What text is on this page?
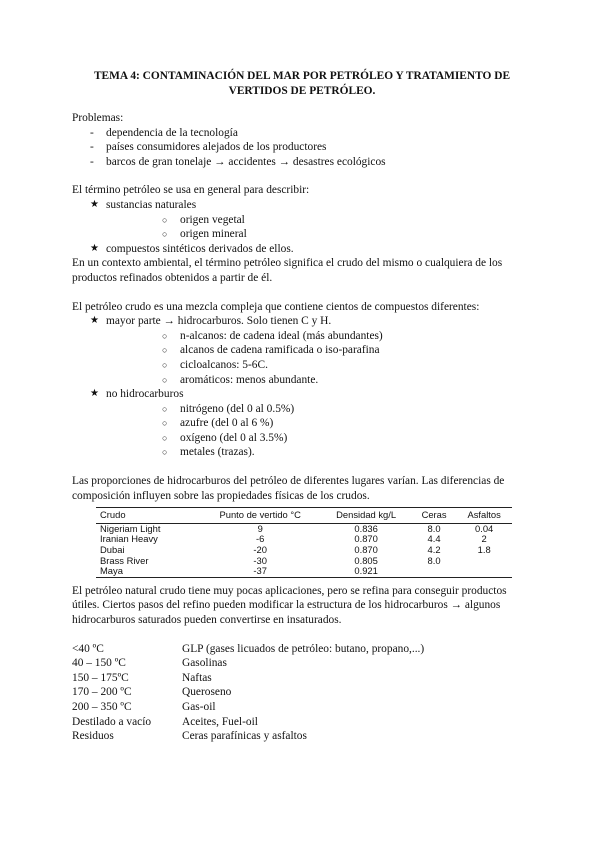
TEMA 4: CONTAMINACIÓN DEL MAR POR PETRÓLEO Y TRATAMIENTO DE VERTIDOS DE PETRÓLEO.

Problemas:

- dependencia de la tecnología
- países consumidores alejados de los productores
- barcos de gran tonelaje → accidentes → desastres ecológicos

El término petróleo se usa en general para describir:

★ sustancias naturales
○ origen vegetal
○ origen mineral
★ compuestos sintéticos derivados de ellos.

En un contexto ambiental, el término petróleo significa el crudo del mismo o cualquiera de los productos refinados obtenidos a partir de él.

El petróleo crudo es una mezcla compleja que contiene cientos de compuestos diferentes:

★ mayor parte → hidrocarburos. Solo tienen C y H.
○ n-alcanos: de cadena ideal (más abundantes)
○ alcanos de cadena ramificada o iso-parafina
○ cicloalcanos: 5-6C.
○ aromáticos: menos abundante.
★ no hidrocarburos
○ nitrógeno (del 0 al 0.5%)
○ azufre (del 0 al 6 %)
○ oxígeno (del 0 al 3.5%)
○ metales (trazas).

Las proporciones de hidrocarburos del petróleo de diferentes lugares varían. Las diferencias de composición influyen sobre las propiedades físicas de los crudos.

Crudo	Punto de vertido °C	Densidad kg/L	Ceras	Asfaltos
Nigeriam Light	9	0.836	8.0	0.04
Iranian Heavy	-6	0.870	4.4	2
Dubai	-20	0.870	4.2	1.8
Brass River	-30	0.805	8.0	
Maya	-37	0.921		

El petróleo natural crudo tiene muy pocas aplicaciones, pero se refina para conseguir productos útiles. Ciertos pasos del refino pueden modificar la estructura de los hidrocarburos → algunos hidrocarburos saturados pueden convertirse en insaturados.

<40 ºC	GLP (gases licuados de petróleo: butano, propano,...)
40 – 150 ºC	Gasolinas
150 – 175ºC	Naftas
170 – 200 ºC	Queroseno
200 – 350 ºC	Gas-oil
Destilado a vacío	Aceites, Fuel-oil
Residuos	Ceras parafínicas y asfaltos
